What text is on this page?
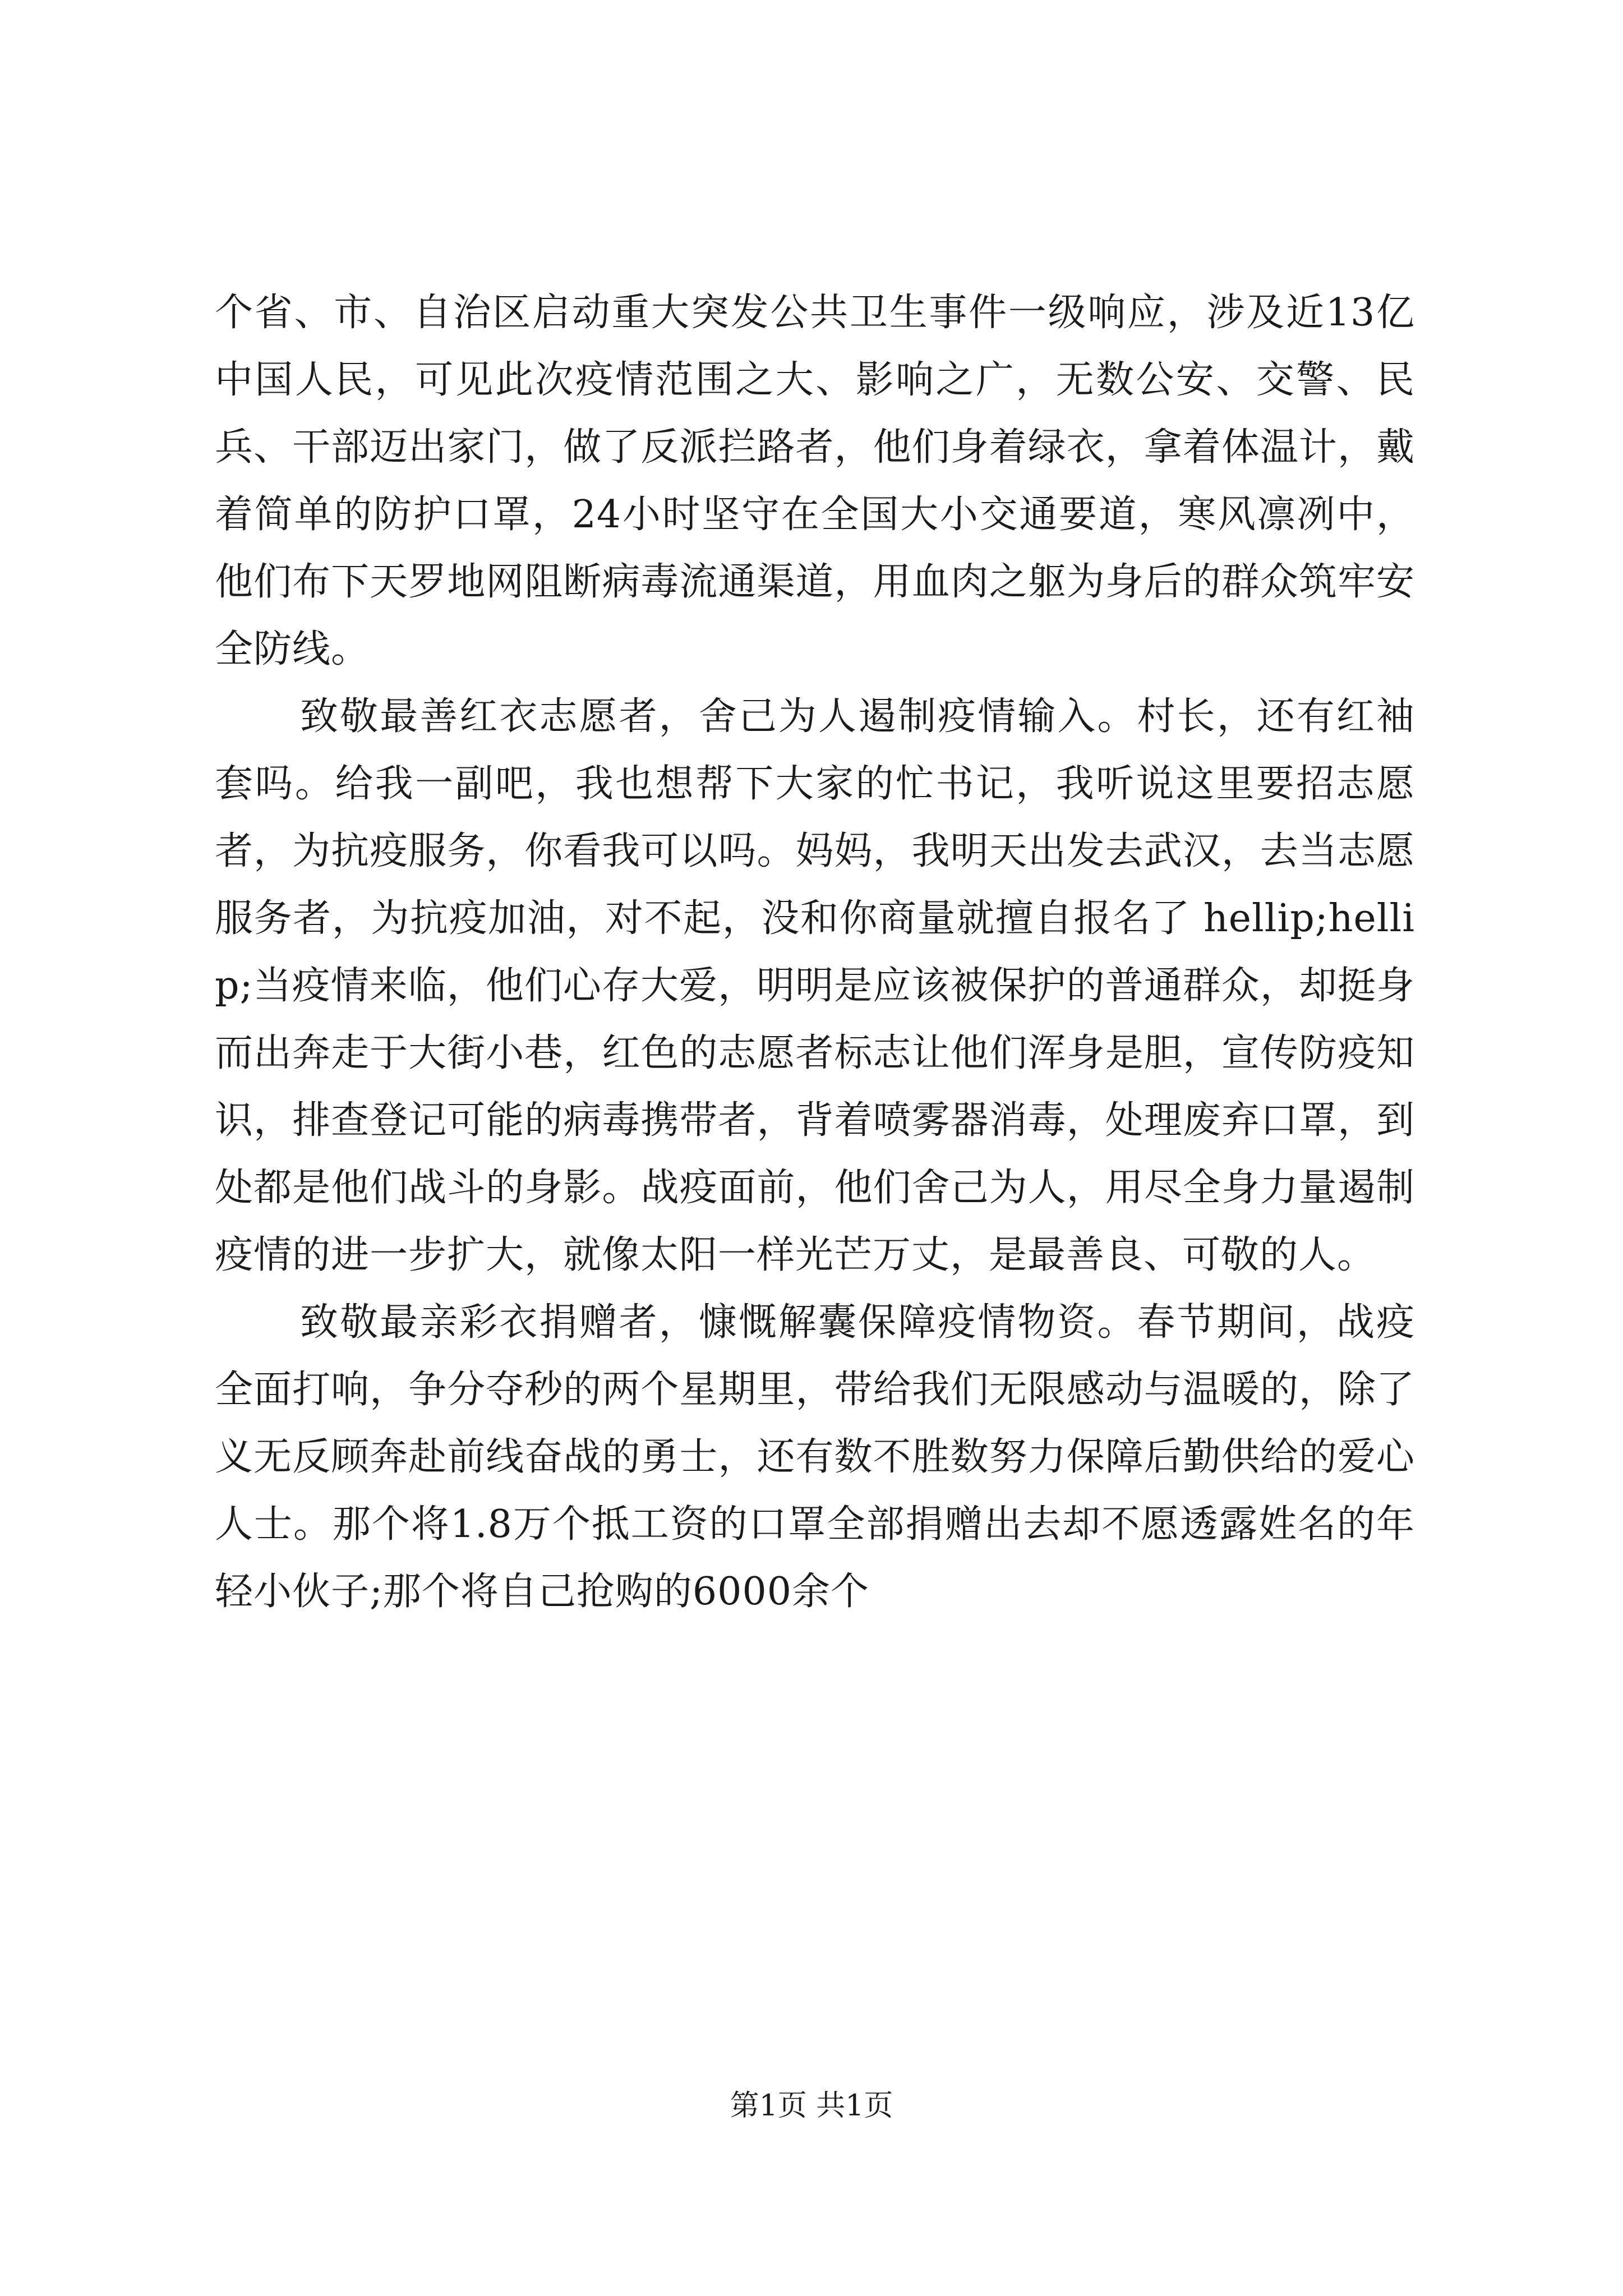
个省、市、自治区启动重大突发公共卫生事件一级响应，涉及近13亿中国人民，可见此次疫情范围之大、影响之广，无数公安、交警、民兵、干部迈出家门，做了反派拦路者，他们身着绿衣，拿着体温计，戴着简单的防护口罩，24小时坚守在全国大小交通要道，寒风凛冽中，他们布下天罗地网阻断病毒流通渠道，用血肉之躯为身后的群众筑牢安全防线。

致敬最善红衣志愿者，舍己为人遏制疫情输入。村长，还有红袖套吗。给我一副吧，我也想帮下大家的忙书记，我听说这里要招志愿者，为抗疫服务，你看我可以吗。妈妈，我明天出发去武汉，去当志愿服务者，为抗疫加油，对不起，没和你商量就擅自报名了 hellip;hellip;当疫情来临，他们心存大爱，明明是应该被保护的普通群众，却挺身而出奔走于大街小巷，红色的志愿者标志让他们浑身是胆，宣传防疫知识，排查登记可能的病毒携带者，背着喷雾器消毒，处理废弃口罩，到处都是他们战斗的身影。战疫面前，他们舍己为人，用尽全身力量遏制疫情的进一步扩大，就像太阳一样光芒万丈，是最善良、可敬的人。

致敬最亲彩衣捐赠者，慷慨解囊保障疫情物资。春节期间，战疫全面打响，争分夺秒的两个星期里，带给我们无限感动与温暖的，除了义无反顾奔赴前线奋战的勇士，还有数不胜数努力保障后勤供给的爱心人士。那个将1.8万个抵工资的口罩全部捐赠出去却不愿透露姓名的年轻小伙子;那个将自己抢购的6000余个

第1页 共1页
